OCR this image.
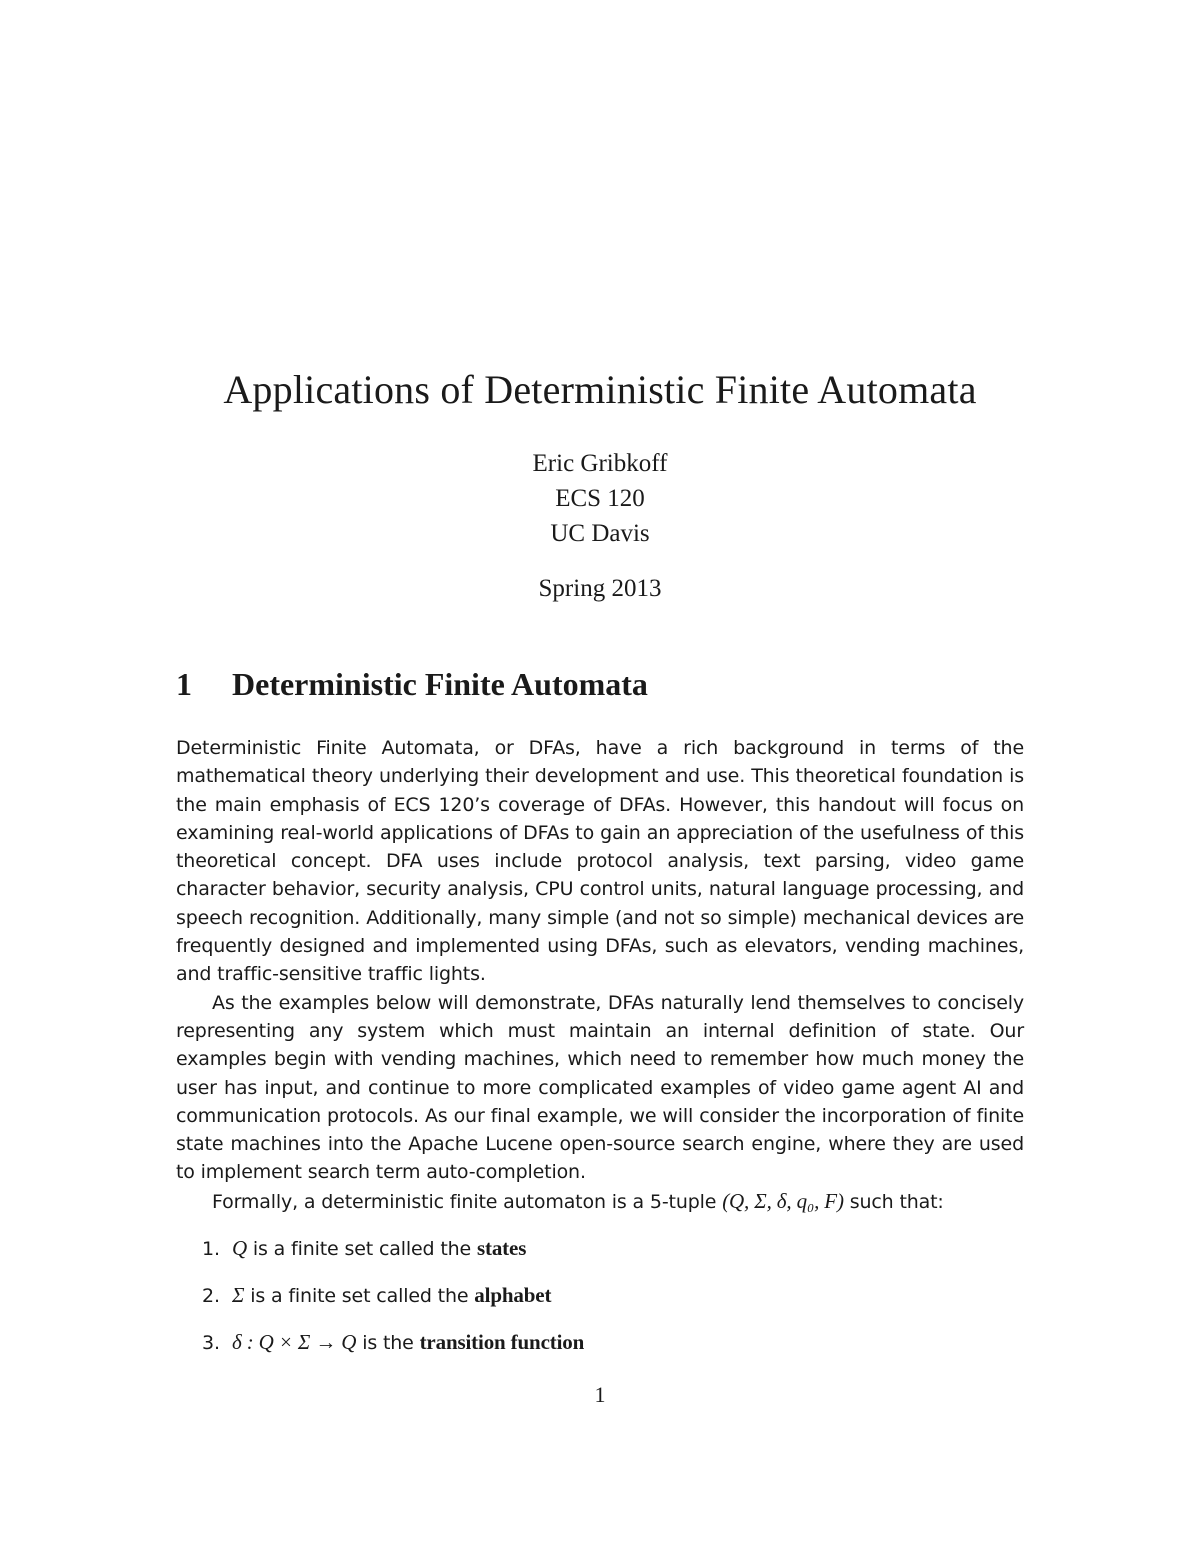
Applications of Deterministic Finite Automata
Eric Gribkoff
ECS 120
UC Davis
Spring 2013
1 Deterministic Finite Automata

Deterministic Finite Automata, or DFAs, have a rich background in terms of the mathematical theory underlying their development and use. This theoretical foundation is the main emphasis of ECS 120’s coverage of DFAs. However, this handout will focus on examining real-world applications of DFAs to gain an appreciation of the usefulness of this theoretical concept. DFA uses include protocol analysis, text parsing, video game character behavior, security analysis, CPU control units, natural language processing, and speech recognition. Additionally, many simple (and not so simple) mechanical devices are frequently designed and implemented using DFAs, such as elevators, vending machines, and traffic-sensitive traffic lights.

As the examples below will demonstrate, DFAs naturally lend themselves to concisely representing any system which must maintain an internal definition of state. Our examples begin with vending machines, which need to remember how much money the user has input, and continue to more complicated examples of video game agent AI and communication protocols. As our final example, we will consider the incorporation of finite state machines into the Apache Lucene open-source search engine, where they are used to implement search term auto-completion.

Formally, a deterministic finite automaton is a 5-tuple (Q, Σ, δ, q₀, F) such that:

1. Q is a finite set called the states
2. Σ is a finite set called the alphabet
3. δ : Q × Σ → Q is the transition function
1
